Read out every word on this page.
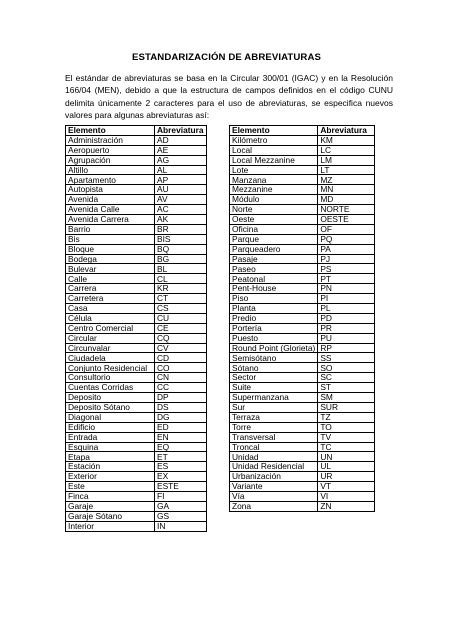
ESTANDARIZACIÓN DE ABREVIATURAS
El estándar de abreviaturas se basa en la Circular 300/01 (IGAC) y en la Resolución 166/04 (MEN), debido a que la estructura de campos definidos en el código CUNU delimita únicamente 2 caracteres para el uso de abreviaturas, se especifica nuevos valores para algunas abreviaturas así:
Elemento	Abreviatura
Administración	AD
Aeropuerto	AE
Agrupación	AG
Altillo	AL
Apartamento	AP
Autopista	AU
Avenida	AV
Avenida Calle	AC
Avenida Carrera	AK
Barrio	BR
Bis	BIS
Bloque	BQ
Bodega	BG
Bulevar	BL
Calle	CL
Carrera	KR
Carretera	CT
Casa	CS
Célula	CU
Centro Comercial	CE
Circular	CQ
Circunvalar	CV
Ciudadela	CD
Conjunto Residencial	CO
Consultorio	CN
Cuentas Corridas	CC
Deposito	DP
Deposito Sótano	DS
Diagonal	DG
Edificio	ED
Entrada	EN
Esquina	EQ
Etapa	ET
Estación	ES
Exterior	EX
Este	ESTE
Finca	FI
Garaje	GA
Garaje Sótano	GS
Interior	IN
Elemento	Abreviatura
Kilómetro	KM
Local	LC
Local Mezzanine	LM
Lote	LT
Manzana	MZ
Mezzanine	MN
Módulo	MD
Norte	NORTE
Oeste	OESTE
Oficina	OF
Parque	PQ
Parqueadero	PA
Pasaje	PJ
Paseo	PS
Peatonal	PT
Pent-House	PN
Piso	PI
Planta	PL
Predio	PD
Portería	PR
Puesto	PU
Round Point (Glorieta)	RP
Semisótano	SS
Sótano	SO
Sector	SC
Suite	ST
Supermanzana	SM
Sur	SUR
Terraza	TZ
Torre	TO
Transversal	TV
Troncal	TC
Unidad	UN
Unidad Residencial	UL
Urbanización	UR
Variante	VT
Vía	VI
Zona	ZN
